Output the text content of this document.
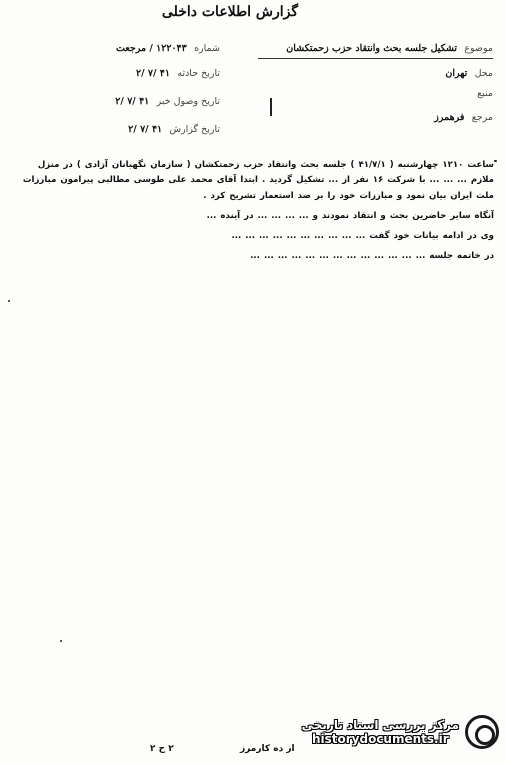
گزارش اطلاعات داخلی
موضوع تشکیل جلسه بحث وانتقاد حزب زحمتکشان
محل تهران
منبع
مرجع فرهمرز
شماره ۱۲۲۰۴۳ / مرجعت
تاریخ حادثه ۴۱ /۷ /۲
تاریخ وصول خبر ۴۱ /۷ /۲
تاریخ گزارش ۴۱ /۷ /۲

ساعت ۱۲۱۰ چهارشنبه ( ۴۱/۷/۱ ) جلسه بحث وانتقاد حزب زحمتکشان ( سازمان نگهبانان آزادی ) در منزل ملازم ... ... ... با شرکت ۱۶ نفر از ... تشکیل گردید . ابتدا آقای محمد علی طوسی مطالبی پیرامون مبارزات ملت ایران بیان نمود و مبارزات خود را بر ضد استعمار تشریح کرد .

آنگاه سایر حاضرین بحث و انتقاد نمودند و ... ... ... ... در آینده ...

وی در ادامه بیانات خود گفت ... ... ... ... ... ... ... ... ... ...

در خاتمه جلسه ... ... ... ... ... ... ... ... ... ... ... ... ...

۲ ح ۲	از ده کارمرز
مرکز بررسی اسناد تاریخی
historydocuments.ir
